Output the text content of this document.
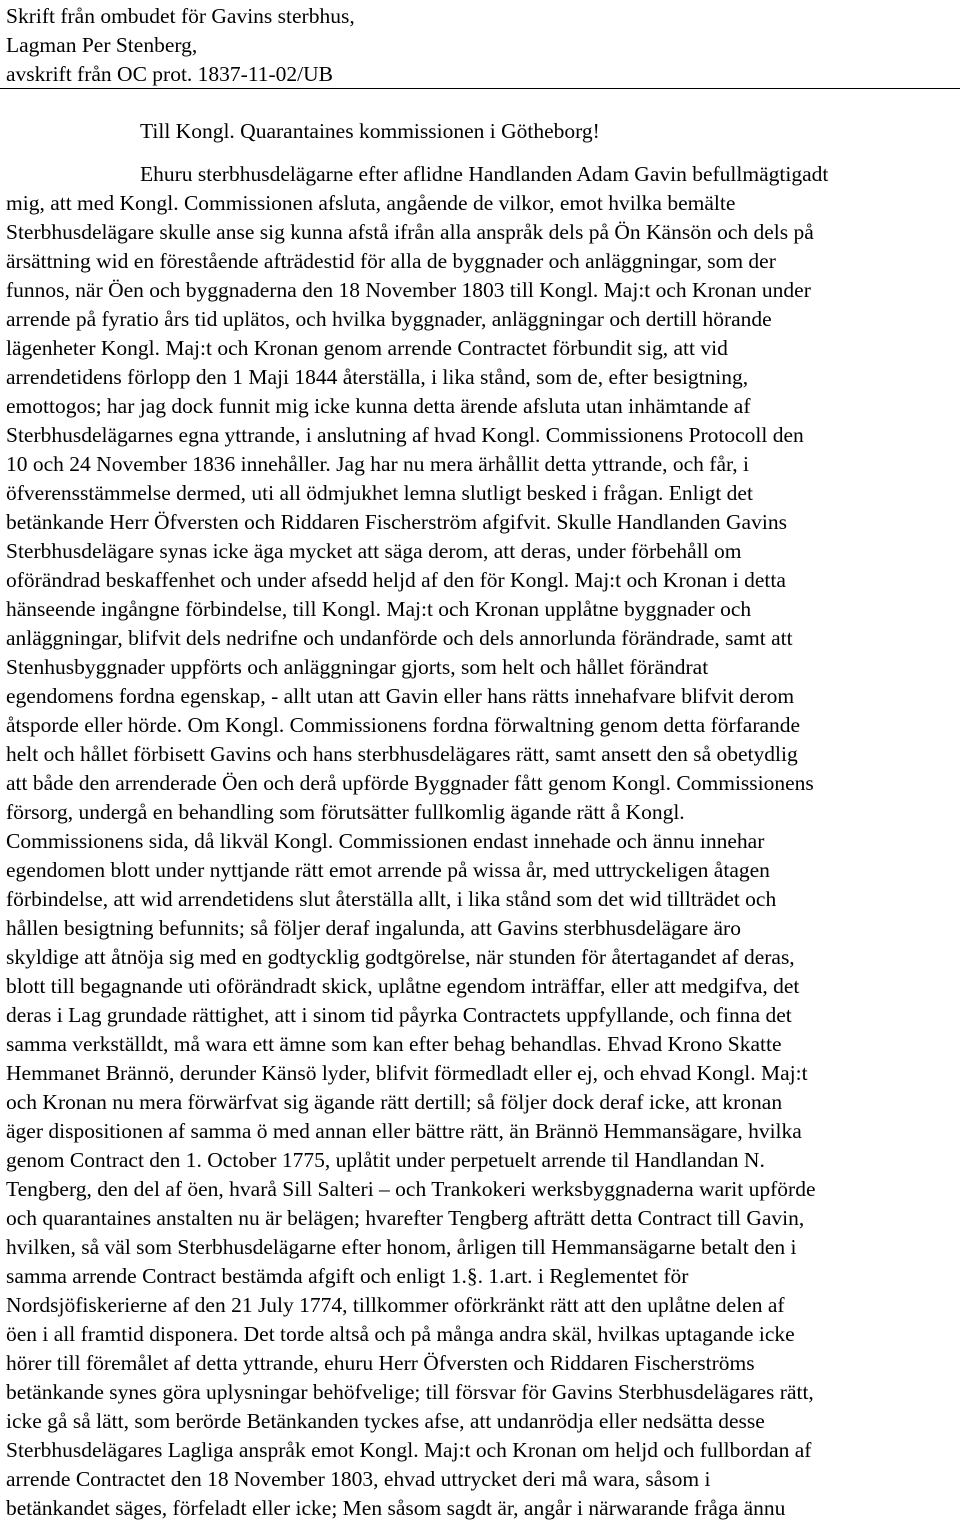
Skrift från ombudet för Gavins sterbhus,
Lagman Per Stenberg,
avskrift från OC prot. 1837-11-02/UB
Till Kongl. Quarantaines kommissionen i Götheborg!
Ehuru sterbhusdelägarne efter aflidne Handlanden Adam Gavin befullmägtigadt
mig, att med Kongl. Commissionen afsluta, angående de vilkor, emot hvilka bemälte
Sterbhusdelägare skulle anse sig kunna afstå ifrån alla anspråk dels på Ön Känsön och dels på
ärsättning wid en förestående afträdestid för alla de byggnader och anläggningar, som der
funnos, när Öen och byggnaderna den 18 November 1803 till Kongl. Maj:t och Kronan under
arrende på fyratio års tid uplätos, och hvilka byggnader, anläggningar och dertill hörande
lägenheter Kongl. Maj:t och Kronan genom arrende Contractet förbundit sig, att vid
arrendetidens förlopp den 1 Maji 1844 återställa, i lika stånd, som de, efter besigtning,
emottogos; har jag dock funnit mig icke kunna detta ärende afsluta utan inhämtande af
Sterbhusdelägarnes egna yttrande, i anslutning af hvad Kongl. Commissionens Protocoll den
10 och 24 November 1836 innehåller. Jag har nu mera ärhållit detta yttrande, och får, i
öfverensstämmelse dermed, uti all ödmjukhet lemna slutligt besked i frågan. Enligt det
betänkande Herr Öfversten och Riddaren Fischerström afgifvit. Skulle Handlanden Gavins
Sterbhusdelägare synas icke äga mycket att säga derom, att deras, under förbehåll om
oförändrad beskaffenhet och under afsedd heljd af den för Kongl. Maj:t och Kronan i detta
hänseende ingångne förbindelse, till Kongl. Maj:t och Kronan upplåtne byggnader och
anläggningar, blifvit dels nedrifne och undanförde och dels annorlunda förändrade, samt att
Stenhusbyggnader uppförts och anläggningar gjorts, som helt och hållet förändrat
egendomens fordna egenskap, - allt utan att Gavin eller hans rätts innehafvare blifvit derom
åtsporde eller hörde. Om Kongl. Commissionens fordna förwaltning genom detta förfarande
helt och hållet förbisett Gavins och hans sterbhusdelägares rätt, samt ansett den så obetydlig
att både den arrenderade Öen och derå upförde Byggnader fått genom Kongl. Commissionens
försorg, undergå en behandling som förutsätter fullkomlig ägande rätt å Kongl.
Commissionens sida, då likväl Kongl. Commissionen endast innehade och ännu innehar
egendomen blott under nyttjande rätt emot arrende på wissa år, med uttryckeligen åtagen
förbindelse, att wid arrendetidens slut återställa allt, i lika stånd som det wid tillträdet och
hållen besigtning befunnits; så följer deraf ingalunda, att Gavins sterbhusdelägare äro
skyldige att åtnöja sig med en godtycklig godtgörelse, när stunden för återtagandet af deras,
blott till begagnande uti oförändradt skick, uplåtne egendom inträffar, eller att medgifva, det
deras i Lag grundade rättighet, att i sinom tid påyrka Contractets uppfyllande, och finna det
samma verkställdt, må wara ett ämne som kan efter behag behandlas. Ehvad Krono Skatte
Hemmanet Brännö, derunder Känsö lyder, blifvit förmedladt eller ej, och ehvad Kongl. Maj:t
och Kronan nu mera förwärfvat sig ägande rätt dertill; så följer dock deraf icke, att kronan
äger dispositionen af samma ö med annan eller bättre rätt, än Brännö Hemmansägare, hvilka
genom Contract den 1. October 1775, uplåtit under perpetuelt arrende til Handlandan N.
Tengberg, den del af öen, hvarå Sill Salteri – och Trankokeri werksbyggnaderna warit upförde
och quarantaines anstalten nu är belägen; hvarefter Tengberg afträtt detta Contract till Gavin,
hvilken, så väl som Sterbhusdelägarne efter honom, årligen till Hemmansägarne betalt den i
samma arrende Contract bestämda afgift och enligt 1.§. 1.art. i Reglementet för
Nordsjöfiskerierne af den 21 July 1774, tillkommer oförkränkt rätt att den uplåtne delen af
öen i all framtid disponera. Det torde altså och på många andra skäl, hvilkas uptagande icke
hörer till föremålet af detta yttrande, ehuru Herr Öfversten och Riddaren Fischerströms
betänkande synes göra uplysningar behöfvelige; till försvar för Gavins Sterbhusdelägares rätt,
icke gå så lätt, som berörde Betänkanden tyckes afse, att undanrödja eller nedsätta desse
Sterbhusdelägares Lagliga anspråk emot Kongl. Maj:t och Kronan om heljd och fullbordan af
arrende Contractet den 18 November 1803, ehvad uttrycket deri må wara, såsom i
betänkandet säges, förfeladt eller icke; Men såsom sagdt är, angår i närwarande fråga ännu
